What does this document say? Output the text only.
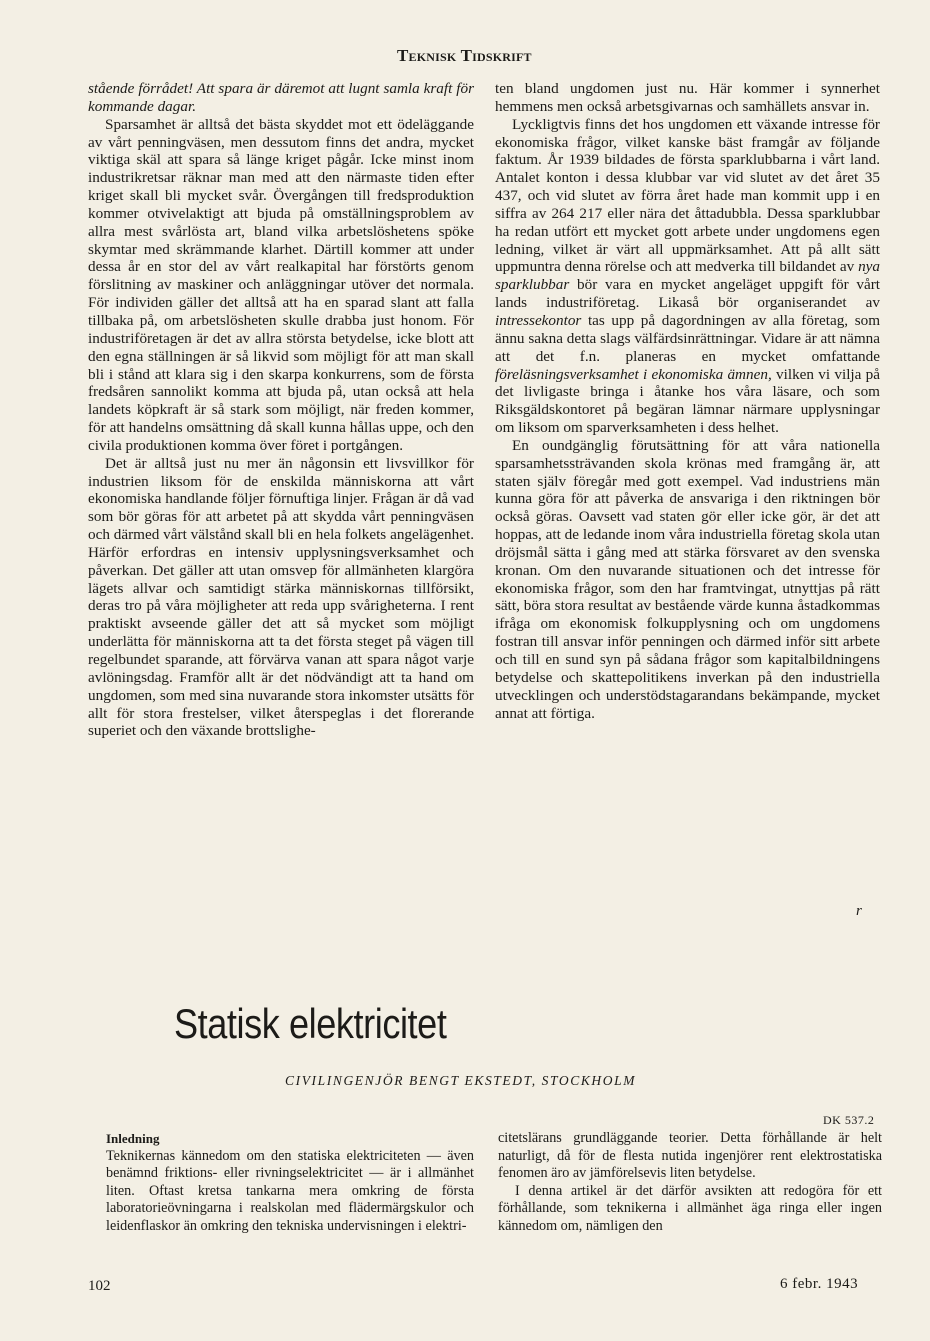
Teknisk Tidskrift

stående förrådet! Att spara är däremot att lugnt samla kraft för kommande dagar.

Sparsamhet är alltså det bästa skyddet mot ett ödeläggande av vårt penningväsen, men dessutom finns det andra, mycket viktiga skäl att spara så länge kriget pågår. Icke minst inom industrikretsar räknar man med att den närmaste tiden efter kriget skall bli mycket svår. Övergången till fredsproduktion kommer otvivelaktigt att bjuda på omställningsproblem av allra mest svårlösta art, bland vilka arbetslöshetens spöke skymtar med skrämmande klarhet. Därtill kommer att under dessa år en stor del av vårt realkapital har förstörts genom förslitning av maskiner och anläggningar utöver det normala. För individen gäller det alltså att ha en sparad slant att falla tillbaka på, om arbetslösheten skulle drabba just honom. För industriföretagen är det av allra största betydelse, icke blott att den egna ställningen är så likvid som möjligt för att man skall bli i stånd att klara sig i den skarpa konkurrens, som de första fredsåren sannolikt komma att bjuda på, utan också att hela landets köpkraft är så stark som möjligt, när freden kommer, för att handelns omsättning då skall kunna hållas uppe, och den civila produktionen komma över föret i portgången.

Det är alltså just nu mer än någonsin ett livsvillkor för industrien liksom för de enskilda människorna att vårt ekonomiska handlande följer förnuftiga linjer. Frågan är då vad som bör göras för att arbetet på att skydda vårt penningväsen och därmed vårt välstånd skall bli en hela folkets angelägenhet. Härför erfordras en intensiv upplysningsverksamhet och påverkan. Det gäller att utan omsvep för allmänheten klargöra lägets allvar och samtidigt stärka människornas tillförsikt, deras tro på våra möjligheter att reda upp svårigheterna. I rent praktiskt avseende gäller det att så mycket som möjligt underlätta för människorna att ta det första steget på vägen till regelbundet sparande, att förvärva vanan att spara något varje avlöningsdag. Framför allt är det nödvändigt att ta hand om ungdomen, som med sina nuvarande stora inkomster utsätts för allt för stora frestelser, vilket återspeglas i det florerande superiet och den växande brottslighe-

ten bland ungdomen just nu. Här kommer i synnerhet hemmens men också arbetsgivarnas och samhällets ansvar in.

Lyckligtvis finns det hos ungdomen ett växande intresse för ekonomiska frågor, vilket kanske bäst framgår av följande faktum. År 1939 bildades de första sparklubbarna i vårt land. Antalet konton i dessa klubbar var vid slutet av det året 35 437, och vid slutet av förra året hade man kommit upp i en siffra av 264 217 eller nära det åttadubbla. Dessa sparklubbar ha redan utfört ett mycket gott arbete under ungdomens egen ledning, vilket är värt all uppmärksamhet. Att på allt sätt uppmuntra denna rörelse och att medverka till bildandet av nya sparklubbar bör vara en mycket angeläget uppgift för vårt lands industriföretag. Likaså bör organiserandet av intressekontor tas upp på dagordningen av alla företag, som ännu sakna detta slags välfärdsinrättningar. Vidare är att nämna att det f.n. planeras en mycket omfattande föreläsningsverksamhet i ekonomiska ämnen, vilken vi vilja på det livligaste bringa i åtanke hos våra läsare, och som Riksgäldskontoret på begäran lämnar närmare upplysningar om liksom om sparverksamheten i dess helhet.

En oundgänglig förutsättning för att våra nationella sparsamhetssträvanden skola krönas med framgång är, att staten själv föregår med gott exempel. Vad industriens män kunna göra för att påverka de ansvariga i den riktningen bör också göras. Oavsett vad staten gör eller icke gör, är det att hoppas, att de ledande inom våra industriella företag skola utan dröjsmål sätta i gång med att stärka försvaret av den svenska kronan. Om den nuvarande situationen och det intresse för ekonomiska frågor, som den har framtvingat, utnyttjas på rätt sätt, böra stora resultat av bestående värde kunna åstadkommas ifråga om ekonomisk folkupplysning och om ungdomens fostran till ansvar inför penningen och därmed inför sitt arbete och till en sund syn på sådana frågor som kapitalbildningens betydelse och skattepolitikens inverkan på den industriella utvecklingen och understödstagarandans bekämpande, mycket annat att förtiga.

r
Statisk elektricitet
CIVILINGENJÖR BENGT EKSTEDT, STOCKHOLM
DK 537.2

Inledning

Teknikernas kännedom om den statiska elektriciteten — även benämnd friktions- eller rivningselektricitet — är i allmänhet liten. Oftast kretsa tankarna mera omkring de första laboratorieövningarna i realskolan med flädermärgskulor och leidenflaskor än omkring den tekniska undervisningen i elektri-

citetslärans grundläggande teorier. Detta förhållande är helt naturligt, då för de flesta nutida ingenjörer rent elektrostatiska fenomen äro av jämförelsevis liten betydelse.

I denna artikel är det därför avsikten att redogöra för ett förhållande, som teknikerna i allmänhet äga ringa eller ingen kännedom om, nämligen den

102	6 febr. 1943
